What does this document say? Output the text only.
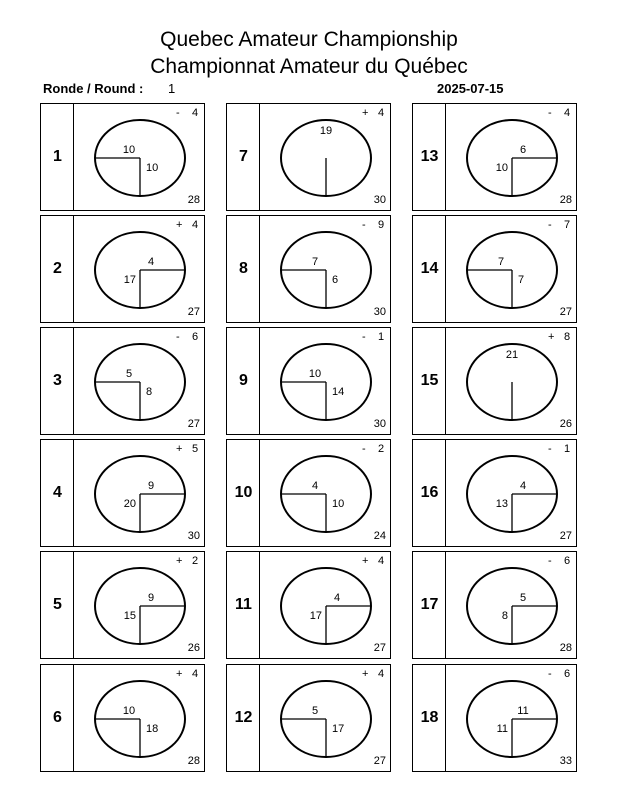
Quebec Amateur Championship
Championnat Amateur du Québec
Ronde / Round : 1	2025-07-15
1
- 4
28
10
10
2
+ 4
27
17
4
3
- 6
27
5
8
4
+ 5
30
20
9
5
+ 2
26
15
9
6
+ 4
28
10
18
7
+ 4
30
19
8
- 9
30
7
6
9
- 1
30
10
14
10
- 2
24
4
10
11
+ 4
27
17
4
12
+ 4
27
5
17
13
- 4
28
10
6
14
- 7
27
7
7
15
+ 8
26
21
16
- 1
27
13
4
17
- 6
28
8
5
18
- 6
33
11
11
